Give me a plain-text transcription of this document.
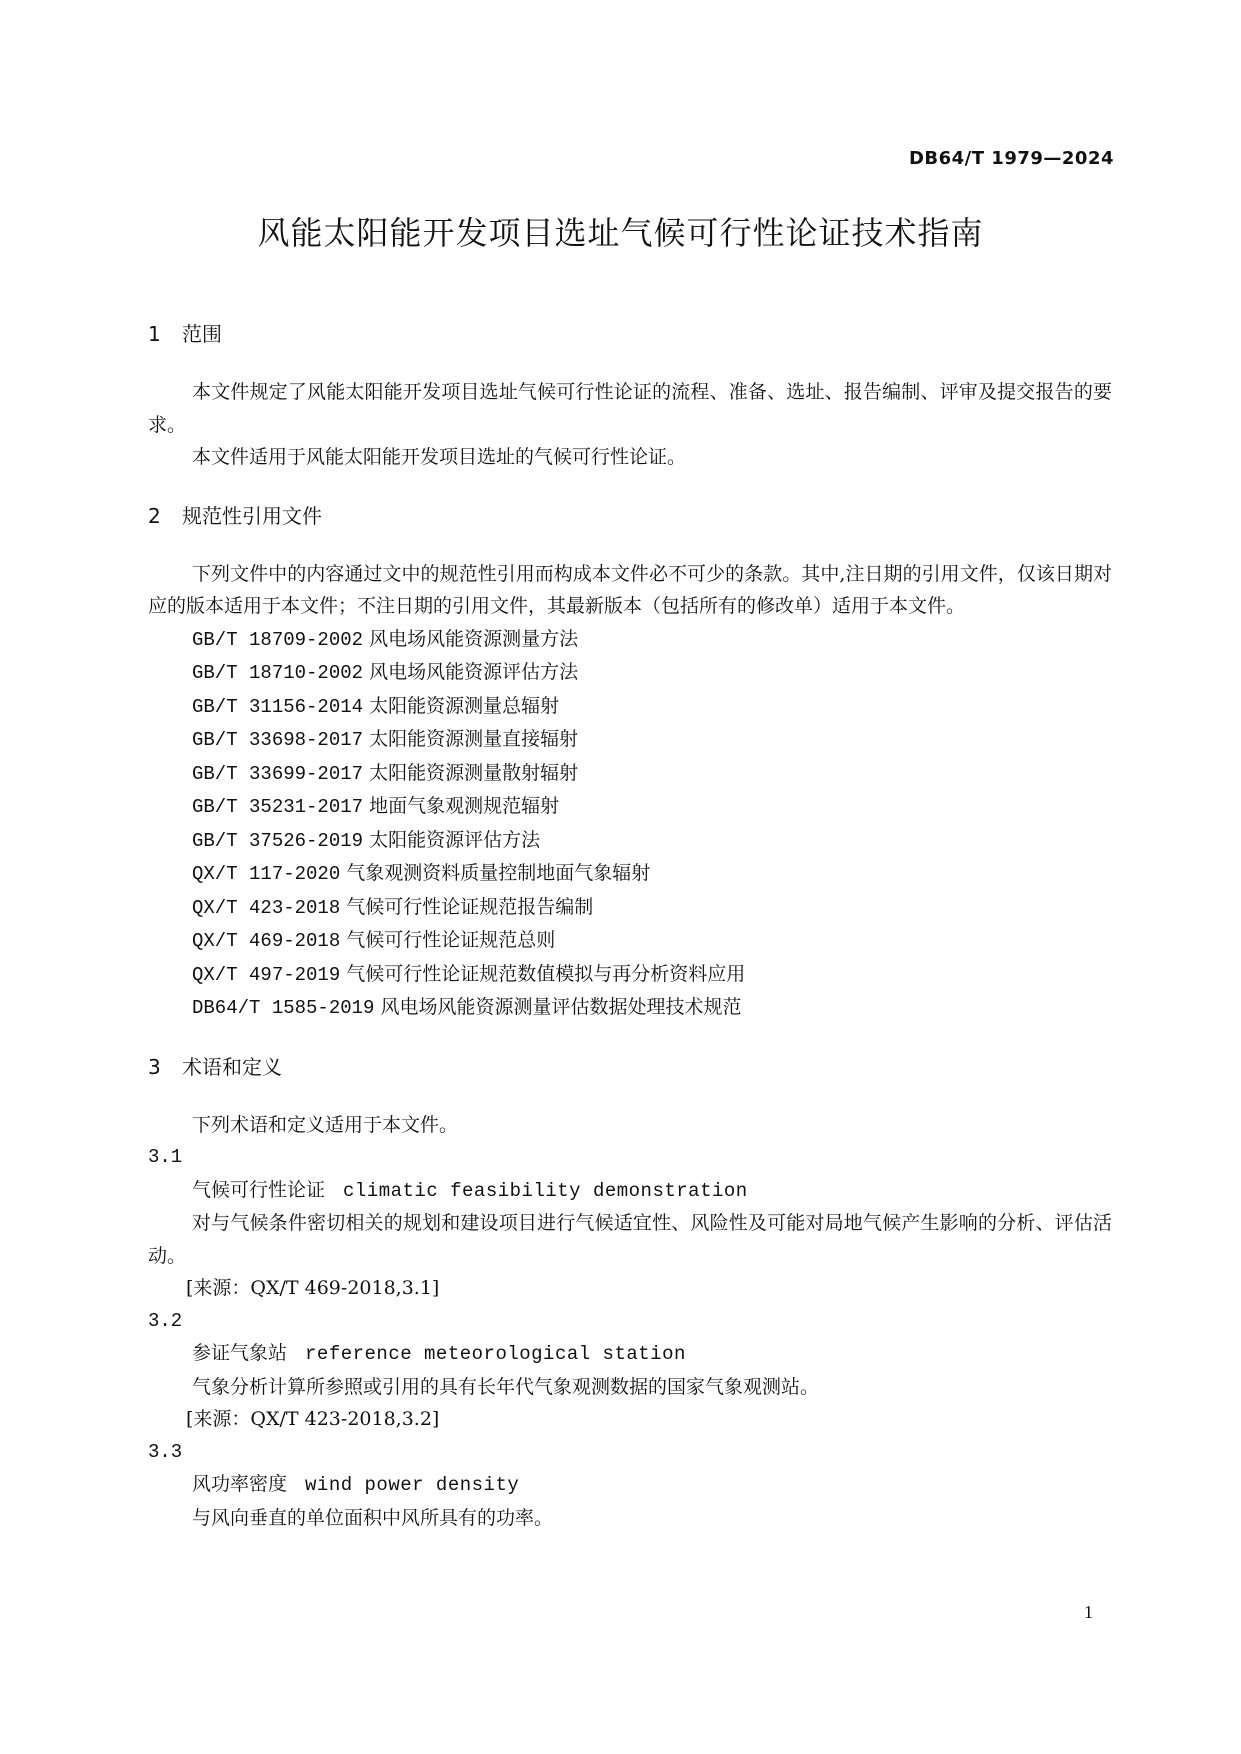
DB64/T 1979—2024
风能太阳能开发项目选址气候可行性论证技术指南
1 范围
本文件规定了风能太阳能开发项目选址气候可行性论证的流程、准备、选址、报告编制、评审及提交报告的要求。
本文件适用于风能太阳能开发项目选址的气候可行性论证。
2 规范性引用文件
下列文件中的内容通过文中的规范性引用而构成本文件必不可少的条款。其中,注日期的引用文件，仅该日期对应的版本适用于本文件；不注日期的引用文件，其最新版本（包括所有的修改单）适用于本文件。
GB/T 18709-2002 风电场风能资源测量方法
GB/T 18710-2002 风电场风能资源评估方法
GB/T 31156-2014 太阳能资源测量总辐射
GB/T 33698-2017 太阳能资源测量直接辐射
GB/T 33699-2017 太阳能资源测量散射辐射
GB/T 35231-2017 地面气象观测规范辐射
GB/T 37526-2019 太阳能资源评估方法
QX/T 117-2020 气象观测资料质量控制地面气象辐射
QX/T 423-2018 气候可行性论证规范报告编制
QX/T 469-2018 气候可行性论证规范总则
QX/T 497-2019 气候可行性论证规范数值模拟与再分析资料应用
DB64/T 1585-2019 风电场风能资源测量评估数据处理技术规范
3 术语和定义
下列术语和定义适用于本文件。
3.1
气候可行性论证 climatic feasibility demonstration
对与气候条件密切相关的规划和建设项目进行气候适宜性、风险性及可能对局地气候产生影响的分析、评估活动。
[来源：QX/T 469-2018,3.1]
3.2
参证气象站 reference meteorological station
气象分析计算所参照或引用的具有长年代气象观测数据的国家气象观测站。
[来源：QX/T 423-2018,3.2]
3.3
风功率密度 wind power density
与风向垂直的单位面积中风所具有的功率。
1
